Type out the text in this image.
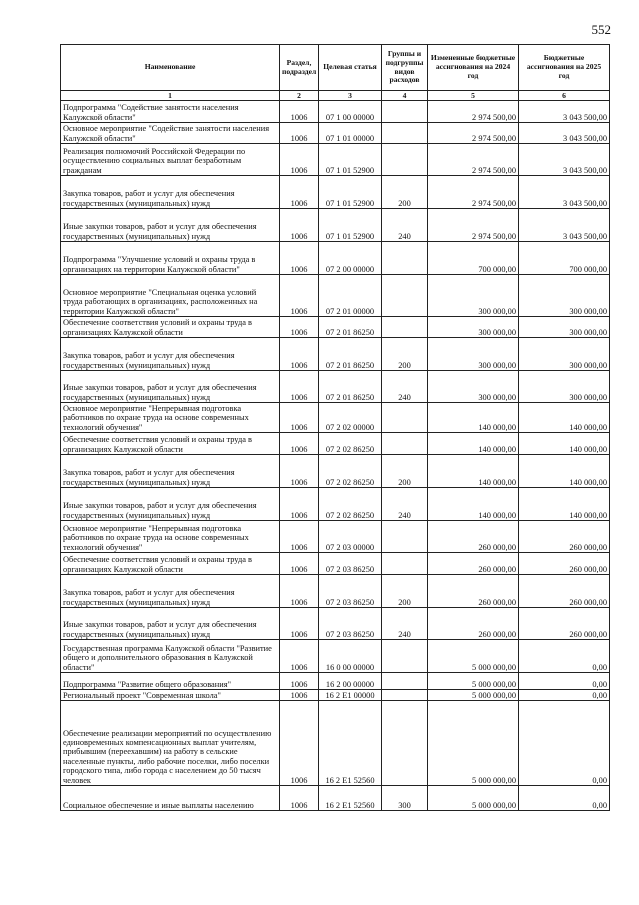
552
Наименование	Раздел, подраздел	Целевая статья	Группы и подгруппы видов расходов	Измененные бюджетные ассигнования на 2024 год	Бюджетные ассигнования на 2025 год
1	2	3	4	5	6
Подпрограмма "Содействие занятости населения Калужской области"	1006	07 1 00 00000		2 974 500,00	3 043 500,00
Основное мероприятие "Содействие занятости населения Калужской области"	1006	07 1 01 00000		2 974 500,00	3 043 500,00
Реализация полномочий Российской Федерации по осуществлению социальных выплат безработным гражданам	1006	07 1 01 52900		2 974 500,00	3 043 500,00
Закупка товаров, работ и услуг для обеспечения государственных (муниципальных) нужд	1006	07 1 01 52900	200	2 974 500,00	3 043 500,00
Иные закупки товаров, работ и услуг для обеспечения государственных (муниципальных) нужд	1006	07 1 01 52900	240	2 974 500,00	3 043 500,00
Подпрограмма "Улучшение условий и охраны труда в организациях на территории Калужской области"	1006	07 2 00 00000		700 000,00	700 000,00
Основное мероприятие "Специальная оценка условий труда работающих в организациях, расположенных на территории Калужской области"	1006	07 2 01 00000		300 000,00	300 000,00
Обеспечение соответствия условий и охраны труда в организациях Калужской области	1006	07 2 01 86250		300 000,00	300 000,00
Закупка товаров, работ и услуг для обеспечения государственных (муниципальных) нужд	1006	07 2 01 86250	200	300 000,00	300 000,00
Иные закупки товаров, работ и услуг для обеспечения государственных (муниципальных) нужд	1006	07 2 01 86250	240	300 000,00	300 000,00
Основное мероприятие "Непрерывная подготовка работников по охране труда на основе современных технологий обучения"	1006	07 2 02 00000		140 000,00	140 000,00
Обеспечение соответствия условий и охраны труда в организациях Калужской области	1006	07 2 02 86250		140 000,00	140 000,00
Закупка товаров, работ и услуг для обеспечения государственных (муниципальных) нужд	1006	07 2 02 86250	200	140 000,00	140 000,00
Иные закупки товаров, работ и услуг для обеспечения государственных (муниципальных) нужд	1006	07 2 02 86250	240	140 000,00	140 000,00
Основное мероприятие "Непрерывная подготовка работников по охране труда на основе современных технологий обучения"	1006	07 2 03 00000		260 000,00	260 000,00
Обеспечение соответствия условий и охраны труда в организациях Калужской области	1006	07 2 03 86250		260 000,00	260 000,00
Закупка товаров, работ и услуг для обеспечения государственных (муниципальных) нужд	1006	07 2 03 86250	200	260 000,00	260 000,00
Иные закупки товаров, работ и услуг для обеспечения государственных (муниципальных) нужд	1006	07 2 03 86250	240	260 000,00	260 000,00
Государственная программа Калужской области "Развитие общего и дополнительного образования в Калужской области"	1006	16 0 00 00000		5 000 000,00	0,00
Подпрограмма "Развитие общего образования"	1006	16 2 00 00000		5 000 000,00	0,00
Региональный проект "Современная школа"	1006	16 2 E1 00000		5 000 000,00	0,00
Обеспечение реализации мероприятий по осуществлению единовременных компенсационных выплат учителям, прибывшим (переехавшим) на работу в сельские населенные пункты, либо рабочие поселки, либо поселки городского типа, либо города с населением до 50 тысяч человек	1006	16 2 E1 52560		5 000 000,00	0,00
Социальное обеспечение и иные выплаты населению	1006	16 2 E1 52560	300	5 000 000,00	0,00
